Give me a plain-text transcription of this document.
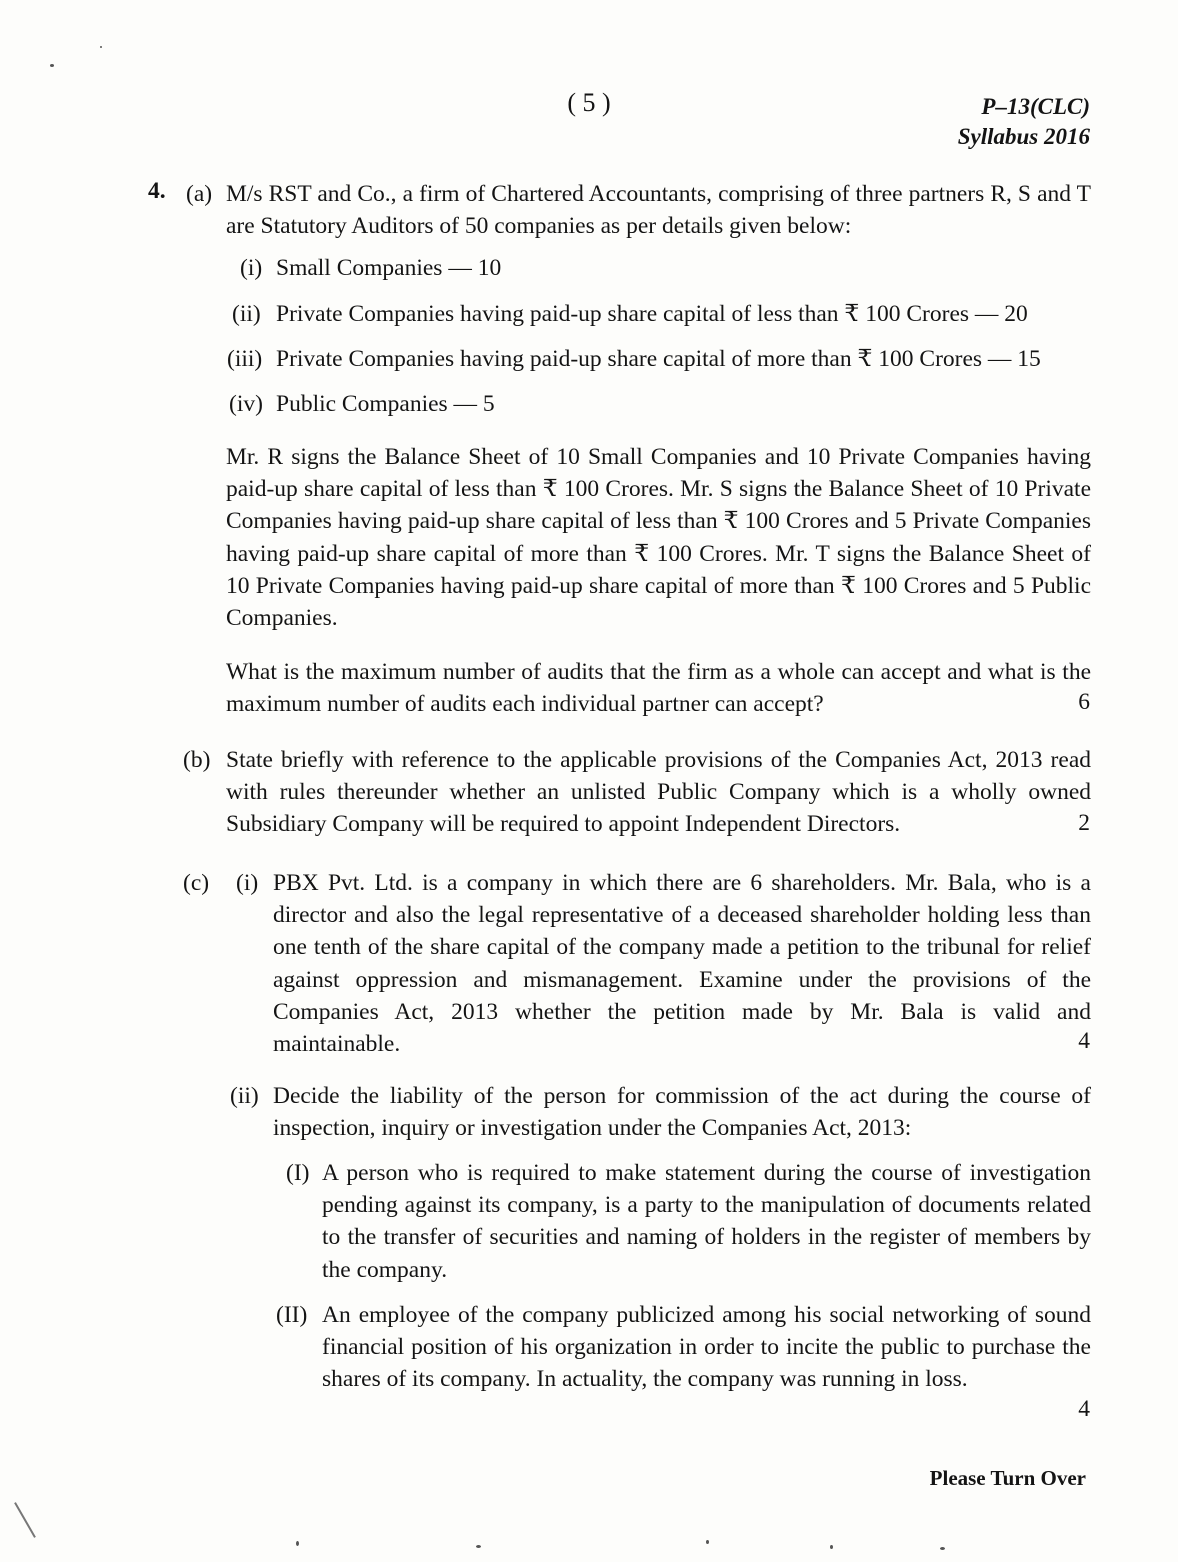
( 5 )	P–13(CLC)
Syllabus 2016
4. (a) M/s RST and Co., a firm of Chartered Accountants, comprising of three partners R, S and T are Statutory Auditors of 50 companies as per details given below:
(i) Small Companies — 10
(ii) Private Companies having paid-up share capital of less than ₹ 100 Crores — 20
(iii) Private Companies having paid-up share capital of more than ₹ 100 Crores — 15
(iv) Public Companies — 5
Mr. R signs the Balance Sheet of 10 Small Companies and 10 Private Companies having paid-up share capital of less than ₹ 100 Crores. Mr. S signs the Balance Sheet of 10 Private Companies having paid-up share capital of less than ₹ 100 Crores and 5 Private Companies having paid-up share capital of more than ₹ 100 Crores. Mr. T signs the Balance Sheet of 10 Private Companies having paid-up share capital of more than ₹ 100 Crores and 5 Public Companies.
What is the maximum number of audits that the firm as a whole can accept and what is the maximum number of audits each individual partner can accept?	6
(b) State briefly with reference to the applicable provisions of the Companies Act, 2013 read with rules thereunder whether an unlisted Public Company which is a wholly owned Subsidiary Company will be required to appoint Independent Directors.	2
(c) (i) PBX Pvt. Ltd. is a company in which there are 6 shareholders. Mr. Bala, who is a director and also the legal representative of a deceased shareholder holding less than one tenth of the share capital of the company made a petition to the tribunal for relief against oppression and mismanagement. Examine under the provisions of the Companies Act, 2013 whether the petition made by Mr. Bala is valid and maintainable.	4
(ii) Decide the liability of the person for commission of the act during the course of inspection, inquiry or investigation under the Companies Act, 2013:
(I) A person who is required to make statement during the course of investigation pending against its company, is a party to the manipulation of documents related to the transfer of securities and naming of holders in the register of members by the company.
(II) An employee of the company publicized among his social networking of sound financial position of his organization in order to incite the public to purchase the shares of its company. In actuality, the company was running in loss.
4
Please Turn Over
